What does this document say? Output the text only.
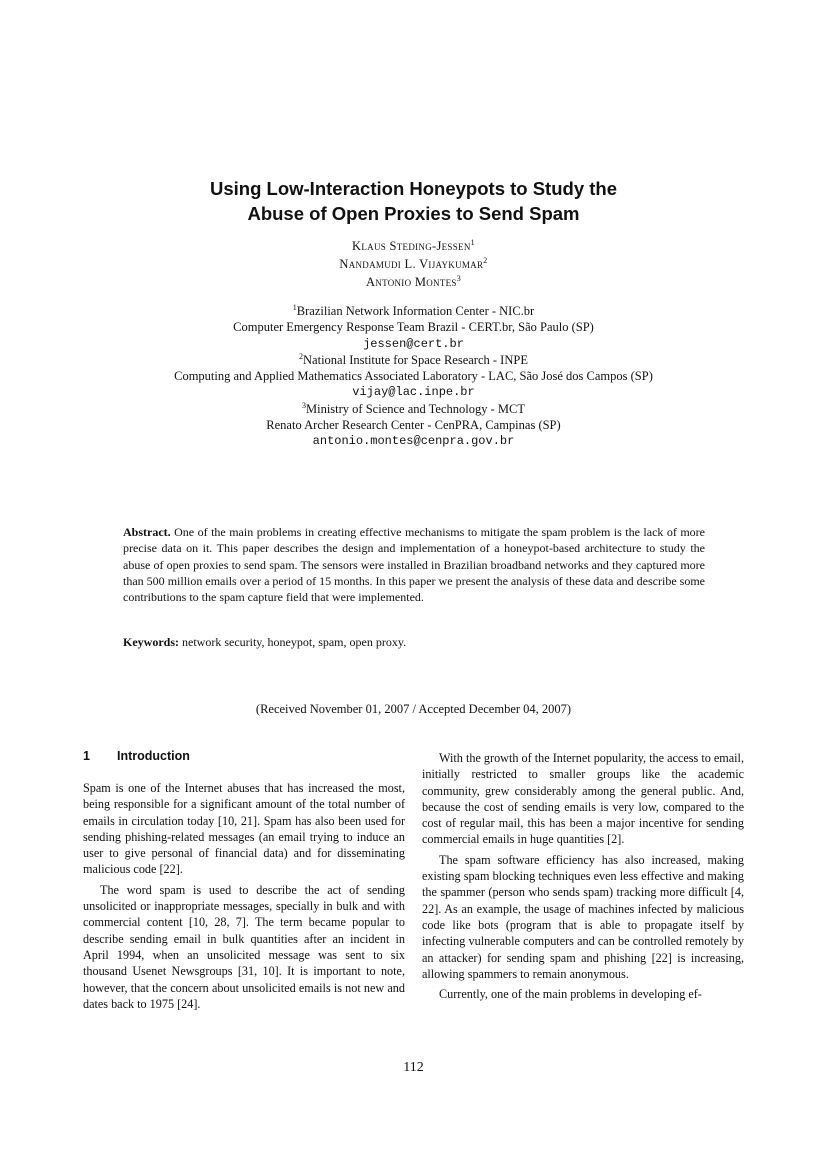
Using Low-Interaction Honeypots to Study the
Abuse of Open Proxies to Send Spam
Klaus Steding-Jessen$^1$
Nandamudi L. Vijaykumar$^2$
Antonio Montes$^3$
$^1$Brazilian Network Information Center - NIC.br
Computer Emergency Response Team Brazil - CERT.br, São Paulo (SP)
jessen@cert.br
$^2$National Institute for Space Research - INPE
Computing and Applied Mathematics Associated Laboratory - LAC, São José dos Campos (SP)
vijay@lac.inpe.br
$^3$Ministry of Science and Technology - MCT
Renato Archer Research Center - CenPRA, Campinas (SP)
antonio.montes@cenpra.gov.br
Abstract. One of the main problems in creating effective mechanisms to mitigate the spam problem is the lack of more precise data on it. This paper describes the design and implementation of a honeypot-based architecture to study the abuse of open proxies to send spam. The sensors were installed in Brazilian broadband networks and they captured more than 500 million emails over a period of 15 months. In this paper we present the analysis of these data and describe some contributions to the spam capture field that were implemented.
Keywords: network security, honeypot, spam, open proxy.
(Received November 01, 2007 / Accepted December 04, 2007)

1 Introduction

Spam is one of the Internet abuses that has increased the most, being responsible for a significant amount of the total number of emails in circulation today [10, 21]. Spam has also been used for sending phishing-related messages (an email trying to induce an user to give personal of financial data) and for disseminating malicious code [22].

The word spam is used to describe the act of sending unsolicited or inappropriate messages, specially in bulk and with commercial content [10, 28, 7]. The term became popular to describe sending email in bulk quantities after an incident in April 1994, when an unsolicited message was sent to six thousand Usenet Newsgroups [31, 10]. It is important to note, however, that the concern about unsolicited emails is not new and dates back to 1975 [24].

With the growth of the Internet popularity, the access to email, initially restricted to smaller groups like the academic community, grew considerably among the general public. And, because the cost of sending emails is very low, compared to the cost of regular mail, this has been a major incentive for sending commercial emails in huge quantities [2].

The spam software efficiency has also increased, making existing spam blocking techniques even less effective and making the spammer (person who sends spam) tracking more difficult [4, 22]. As an example, the usage of machines infected by malicious code like bots (program that is able to propagate itself by infecting vulnerable computers and can be controlled remotely by an attacker) for sending spam and phishing [22] is increasing, allowing spammers to remain anonymous.

Currently, one of the main problems in developing ef-

112
